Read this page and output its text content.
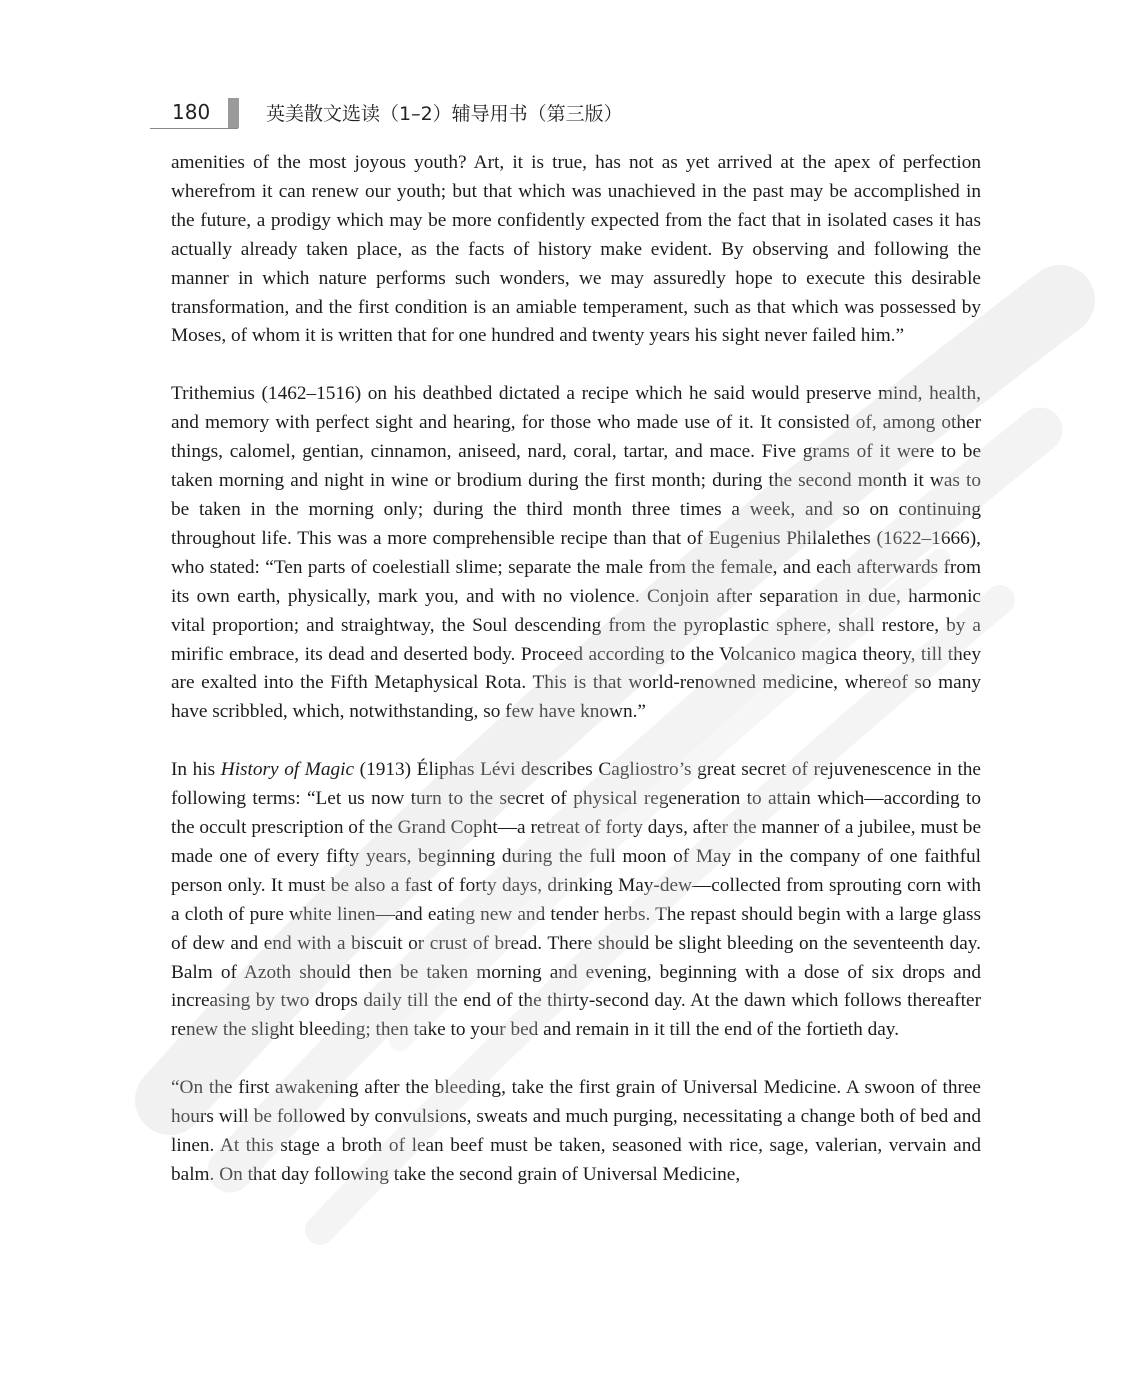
180	英美散文选读（1–2）辅导用书（第三版）

amenities of the most joyous youth? Art, it is true, has not as yet arrived at the apex of perfection wherefrom it can renew our youth; but that which was unachieved in the past may be accomplished in the future, a prodigy which may be more confidently expected from the fact that in isolated cases it has actually already taken place, as the facts of history make evident. By observing and following the manner in which nature performs such wonders, we may assuredly hope to execute this desirable transformation, and the first condition is an amiable temperament, such as that which was possessed by Moses, of whom it is written that for one hundred and twenty years his sight never failed him.”

Trithemius (1462–1516) on his deathbed dictated a recipe which he said would preserve mind, health, and memory with perfect sight and hearing, for those who made use of it. It consisted of, among other things, calomel, gentian, cinnamon, aniseed, nard, coral, tartar, and mace. Five grams of it were to be taken morning and night in wine or brodium during the first month; during the second month it was to be taken in the morning only; during the third month three times a week, and so on continuing throughout life. This was a more comprehensible recipe than that of Eugenius Philalethes (1622–1666), who stated: “Ten parts of coelestiall slime; separate the male from the female, and each afterwards from its own earth, physically, mark you, and with no violence. Conjoin after separation in due, harmonic vital proportion; and straightway, the Soul descending from the pyroplastic sphere, shall restore, by a mirific embrace, its dead and deserted body. Proceed according to the Volcanico magica theory, till they are exalted into the Fifth Metaphysical Rota. This is that world-renowned medicine, whereof so many have scribbled, which, notwithstanding, so few have known.”

In his History of Magic (1913) Éliphas Lévi describes Cagliostro’s great secret of rejuvenescence in the following terms: “Let us now turn to the secret of physical regeneration to attain which—according to the occult prescription of the Grand Copht—a retreat of forty days, after the manner of a jubilee, must be made one of every fifty years, beginning during the full moon of May in the company of one faithful person only. It must be also a fast of forty days, drinking May-dew—collected from sprouting corn with a cloth of pure white linen—and eating new and tender herbs. The repast should begin with a large glass of dew and end with a biscuit or crust of bread. There should be slight bleeding on the seventeenth day. Balm of Azoth should then be taken morning and evening, beginning with a dose of six drops and increasing by two drops daily till the end of the thirty-second day. At the dawn which follows thereafter renew the slight bleeding; then take to your bed and remain in it till the end of the fortieth day.

“On the first awakening after the bleeding, take the first grain of Universal Medicine. A swoon of three hours will be followed by convulsions, sweats and much purging, necessitating a change both of bed and linen. At this stage a broth of lean beef must be taken, seasoned with rice, sage, valerian, vervain and balm. On that day following take the second grain of Universal Medicine,
